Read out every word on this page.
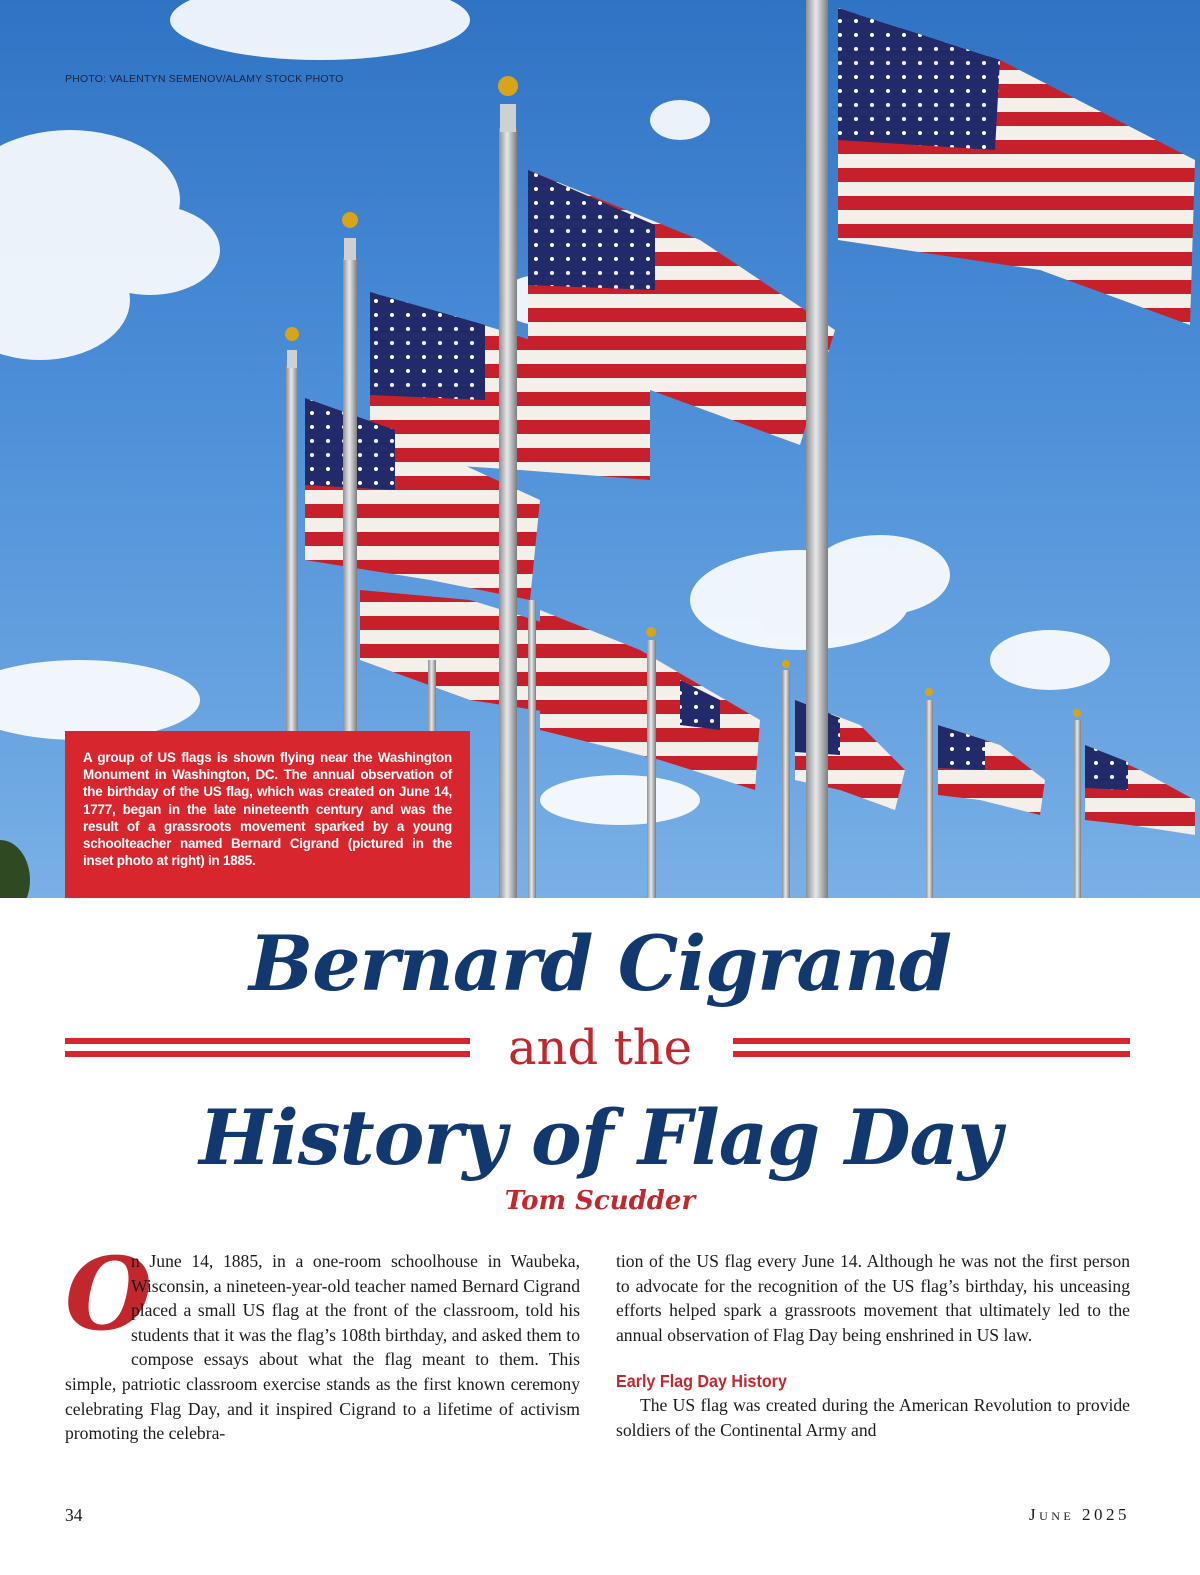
PHOTO: VALENTYN SEMENOV/ALAMY STOCK PHOTO
A group of US flags is shown flying near the Washington Monument in Washington, DC. The annual observation of the birthday of the US flag, which was created on June 14, 1777, began in the late nineteenth century and was the result of a grassroots movement sparked by a young schoolteacher named Bernard Cigrand (pictured in the inset photo at right) in 1885.
Bernard Cigrand
and the
History of Flag Day
Tom Scudder

O
n June 14, 1885, in a one-room schoolhouse in Waubeka, Wisconsin, a nineteen-year-old teacher named Bernard Cigrand placed a small US flag at the front of the classroom, told his students that it was the flag’s 108th birthday, and asked them to compose essays about what the flag meant to them. This simple, patriotic classroom exercise stands as the first known ceremony celebrating Flag Day, and it inspired Cigrand to a lifetime of activism promoting the celebra-

tion of the US flag every June 14. Although he was not the first person to advocate for the recognition of the US flag’s birthday, his unceasing efforts helped spark a grassroots movement that ultimately led to the annual observation of Flag Day being enshrined in US law.

Early Flag Day History

The US flag was created during the American Revolution to provide soldiers of the Continental Army and

34	June 2025
